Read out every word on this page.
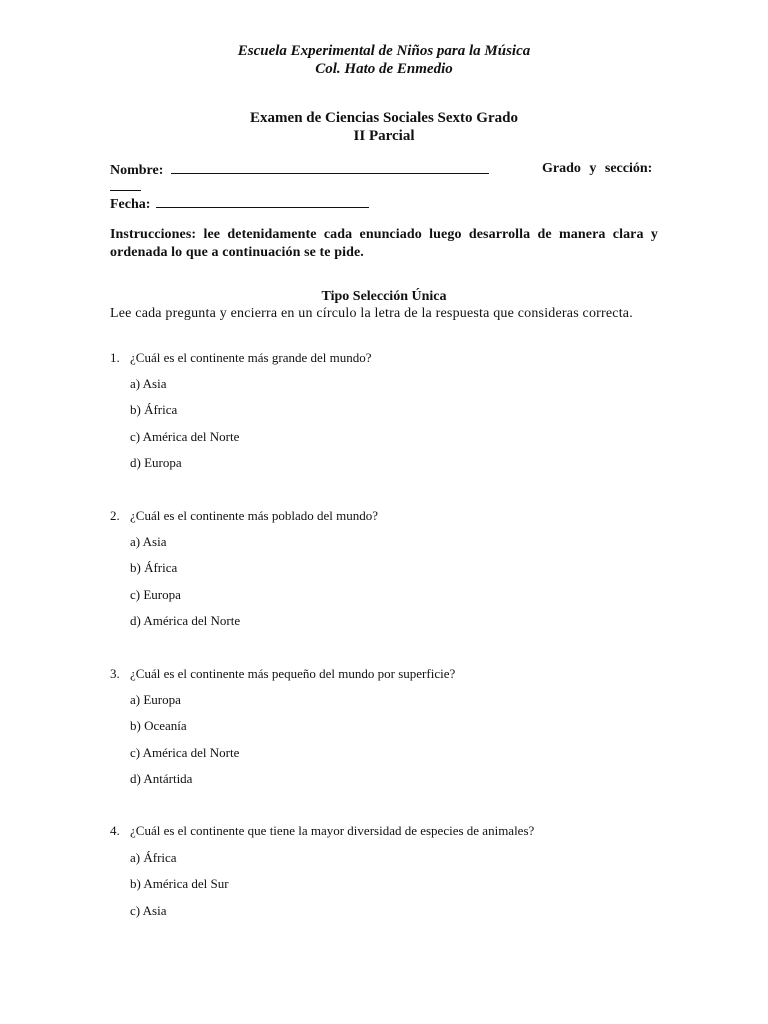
Escuela Experimental de Niños para la Música
Col. Hato de Enmedio
Examen de Ciencias Sociales Sexto Grado
II Parcial
Nombre:	Grado y sección:
Fecha:
Instrucciones: lee detenidamente cada enunciado luego desarrolla de manera clara y ordenada lo que a continuación se te pide.
Tipo Selección Única
Lee cada pregunta y encierra en un círculo la letra de la respuesta que consideras correcta.
1. ¿Cuál es el continente más grande del mundo?
a) Asia
b) África
c) América del Norte
d) Europa
2. ¿Cuál es el continente más poblado del mundo?
a) Asia
b) África
c) Europa
d) América del Norte
3. ¿Cuál es el continente más pequeño del mundo por superficie?
a) Europa
b) Oceanía
c) América del Norte
d) Antártida
4. ¿Cuál es el continente que tiene la mayor diversidad de especies de animales?
a) África
b) América del Sur
c) Asia
